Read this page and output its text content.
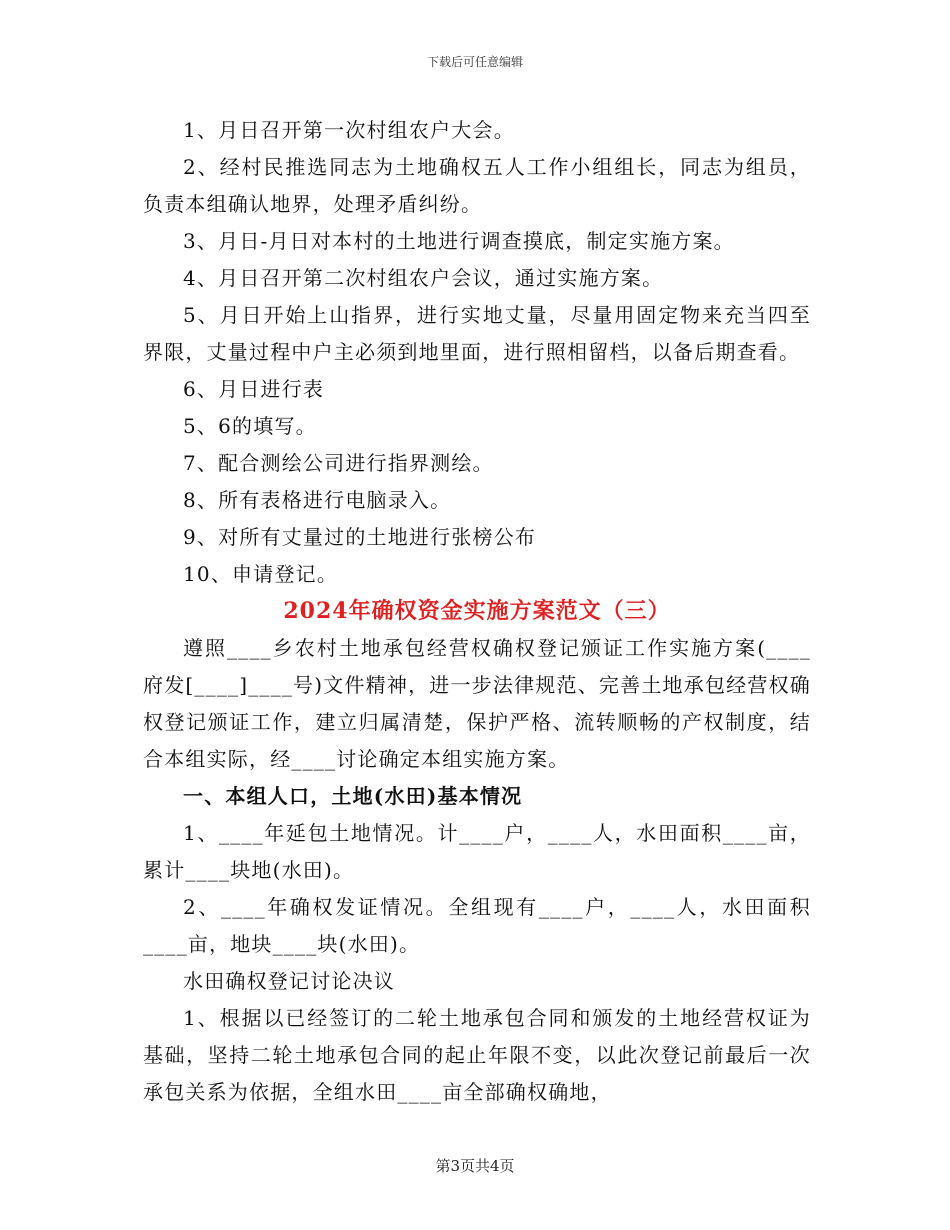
下载后可任意编辑

1、月日召开第一次村组农户大会。

2、经村民推选同志为土地确权五人工作小组组长，同志为组员，负责本组确认地界，处理矛盾纠纷。

3、月日-月日对本村的土地进行调查摸底，制定实施方案。

4、月日召开第二次村组农户会议，通过实施方案。

5、月日开始上山指界，进行实地丈量，尽量用固定物来充当四至界限，丈量过程中户主必须到地里面，进行照相留档，以备后期查看。

6、月日进行表

5、6的填写。

7、配合测绘公司进行指界测绘。

8、所有表格进行电脑录入。

9、对所有丈量过的土地进行张榜公布

10、申请登记。

2024年确权资金实施方案范文（三）

遵照____乡农村土地承包经营权确权登记颁证工作实施方案(____府发[____]____号)文件精神，进一步法律规范、完善土地承包经营权确权登记颁证工作，建立归属清楚，保护严格、流转顺畅的产权制度，结合本组实际，经____讨论确定本组实施方案。

一、本组人口，土地(水田)基本情况

1、____年延包土地情况。计____户，____人，水田面积____亩，累计____块地(水田)。

2、____年确权发证情况。全组现有____户，____人，水田面积____亩，地块____块(水田)。

水田确权登记讨论决议

1、根据以已经签订的二轮土地承包合同和颁发的土地经营权证为基础，坚持二轮土地承包合同的起止年限不变，以此次登记前最后一次承包关系为依据，全组水田____亩全部确权确地，

第3页共4页
